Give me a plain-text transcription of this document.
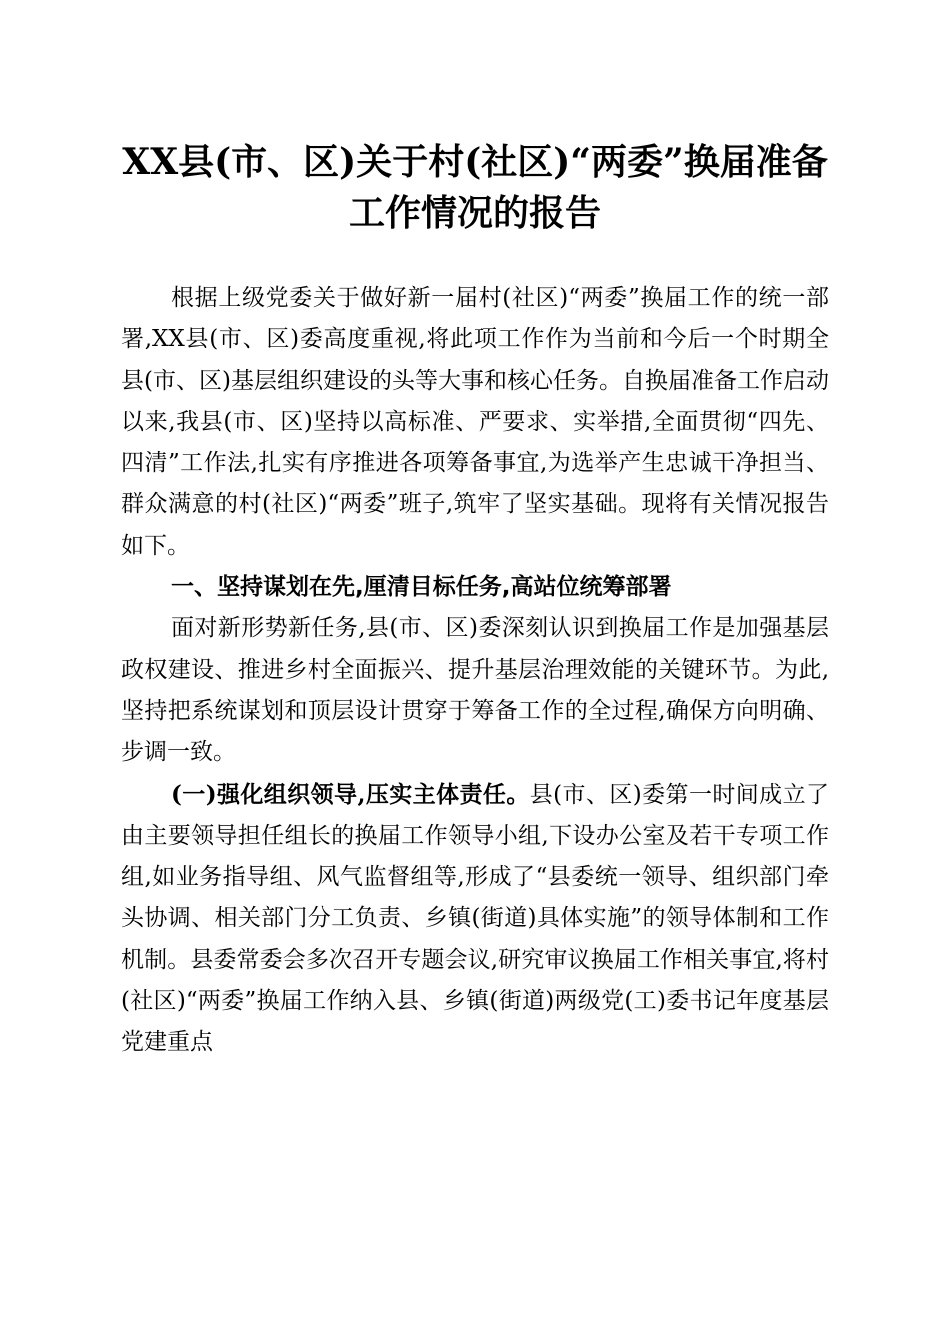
XX县(市、区)关于村(社区)“两委”换届准备
工作情况的报告

根据上级党委关于做好新一届村(社区)“两委”换届工作的统一部署,XX县(市、区)委高度重视,将此项工作作为当前和今后一个时期全县(市、区)基层组织建设的头等大事和核心任务。自换届准备工作启动以来,我县(市、区)坚持以高标准、严要求、实举措,全面贯彻“四先、四清”工作法,扎实有序推进各项筹备事宜,为选举产生忠诚干净担当、群众满意的村(社区)“两委”班子,筑牢了坚实基础。现将有关情况报告如下。

一、坚持谋划在先,厘清目标任务,高站位统筹部署

面对新形势新任务,县(市、区)委深刻认识到换届工作是加强基层政权建设、推进乡村全面振兴、提升基层治理效能的关键环节。为此,坚持把系统谋划和顶层设计贯穿于筹备工作的全过程,确保方向明确、步调一致。

(一)强化组织领导,压实主体责任。县(市、区)委第一时间成立了由主要领导担任组长的换届工作领导小组,下设办公室及若干专项工作组,如业务指导组、风气监督组等,形成了“县委统一领导、组织部门牵头协调、相关部门分工负责、乡镇(街道)具体实施”的领导体制和工作机制。县委常委会多次召开专题会议,研究审议换届工作相关事宜,将村(社区)“两委”换届工作纳入县、乡镇(街道)两级党(工)委书记年度基层党建重点
